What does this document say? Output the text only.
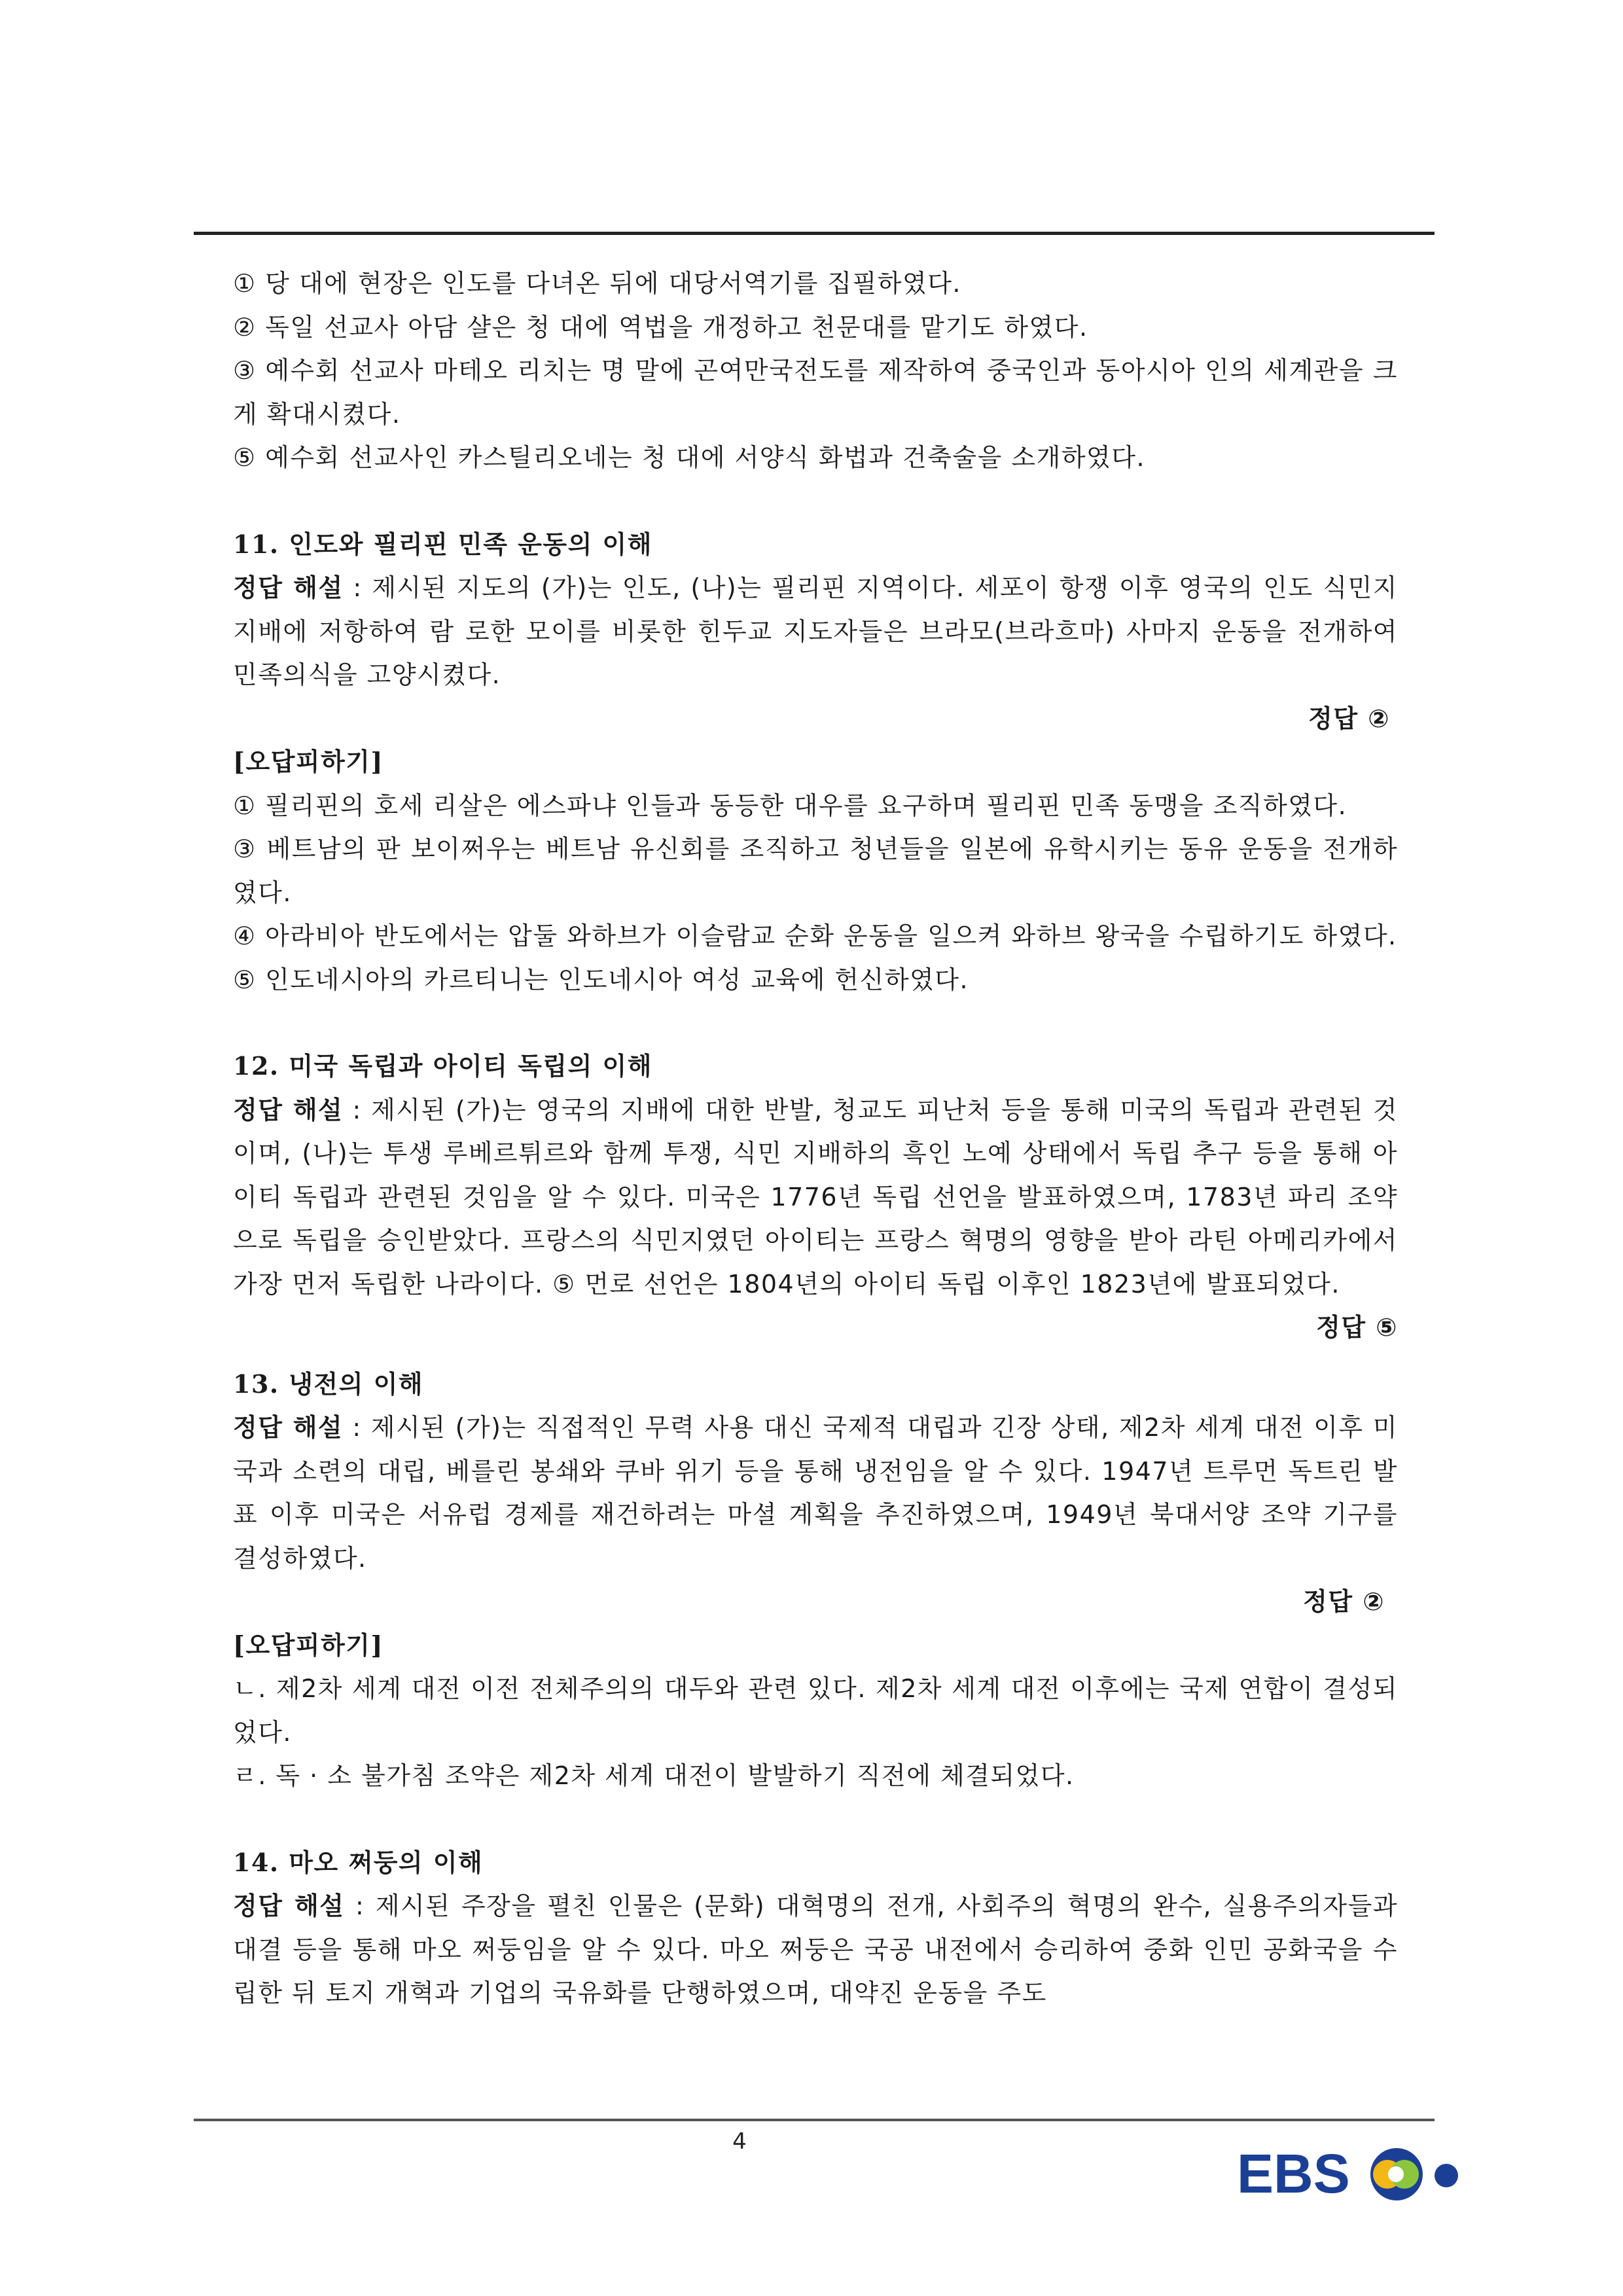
① 당 대에 현장은 인도를 다녀온 뒤에 대당서역기를 집필하였다.

② 독일 선교사 아담 샬은 청 대에 역법을 개정하고 천문대를 맡기도 하였다.

③ 예수회 선교사 마테오 리치는 명 말에 곤여만국전도를 제작하여 중국인과 동아시아 인의 세계관을 크게 확대시켰다.

⑤ 예수회 선교사인 카스틸리오네는 청 대에 서양식 화법과 건축술을 소개하였다.

11. 인도와 필리핀 민족 운동의 이해

정답 해설 : 제시된 지도의 (가)는 인도, (나)는 필리핀 지역이다. 세포이 항쟁 이후 영국의 인도 식민지 지배에 저항하여 람 로한 모이를 비롯한 힌두교 지도자들은 브라모(브라흐마) 사마지 운동을 전개하여 민족의식을 고양시켰다.

정답 ②

[오답피하기]

① 필리핀의 호세 리살은 에스파냐 인들과 동등한 대우를 요구하며 필리핀 민족 동맹을 조직하였다.

③ 베트남의 판 보이쩌우는 베트남 유신회를 조직하고 청년들을 일본에 유학시키는 동유 운동을 전개하였다.

④ 아라비아 반도에서는 압둘 와하브가 이슬람교 순화 운동을 일으켜 와하브 왕국을 수립하기도 하였다.

⑤ 인도네시아의 카르티니는 인도네시아 여성 교육에 헌신하였다.

12. 미국 독립과 아이티 독립의 이해

정답 해설 : 제시된 (가)는 영국의 지배에 대한 반발, 청교도 피난처 등을 통해 미국의 독립과 관련된 것이며, (나)는 투생 루베르튀르와 함께 투쟁, 식민 지배하의 흑인 노예 상태에서 독립 추구 등을 통해 아이티 독립과 관련된 것임을 알 수 있다. 미국은 1776년 독립 선언을 발표하였으며, 1783년 파리 조약으로 독립을 승인받았다. 프랑스의 식민지였던 아이티는 프랑스 혁명의 영향을 받아 라틴 아메리카에서 가장 먼저 독립한 나라이다. ⑤ 먼로 선언은 1804년의 아이티 독립 이후인 1823년에 발표되었다.

정답 ⑤

13. 냉전의 이해

정답 해설 : 제시된 (가)는 직접적인 무력 사용 대신 국제적 대립과 긴장 상태, 제2차 세계 대전 이후 미국과 소련의 대립, 베를린 봉쇄와 쿠바 위기 등을 통해 냉전임을 알 수 있다. 1947년 트루먼 독트린 발표 이후 미국은 서유럽 경제를 재건하려는 마셜 계획을 추진하였으며, 1949년 북대서양 조약 기구를 결성하였다.

정답 ②

[오답피하기]

ㄴ. 제2차 세계 대전 이전 전체주의의 대두와 관련 있다. 제2차 세계 대전 이후에는 국제 연합이 결성되었다.

ㄹ. 독 · 소 불가침 조약은 제2차 세계 대전이 발발하기 직전에 체결되었다.

14. 마오 쩌둥의 이해

정답 해설 : 제시된 주장을 펼친 인물은 (문화) 대혁명의 전개, 사회주의 혁명의 완수, 실용주의자들과 대결 등을 통해 마오 쩌둥임을 알 수 있다. 마오 쩌둥은 국공 내전에서 승리하여 중화 인민 공화국을 수립한 뒤 토지 개혁과 기업의 국유화를 단행하였으며, 대약진 운동을 주도

4
EBS
